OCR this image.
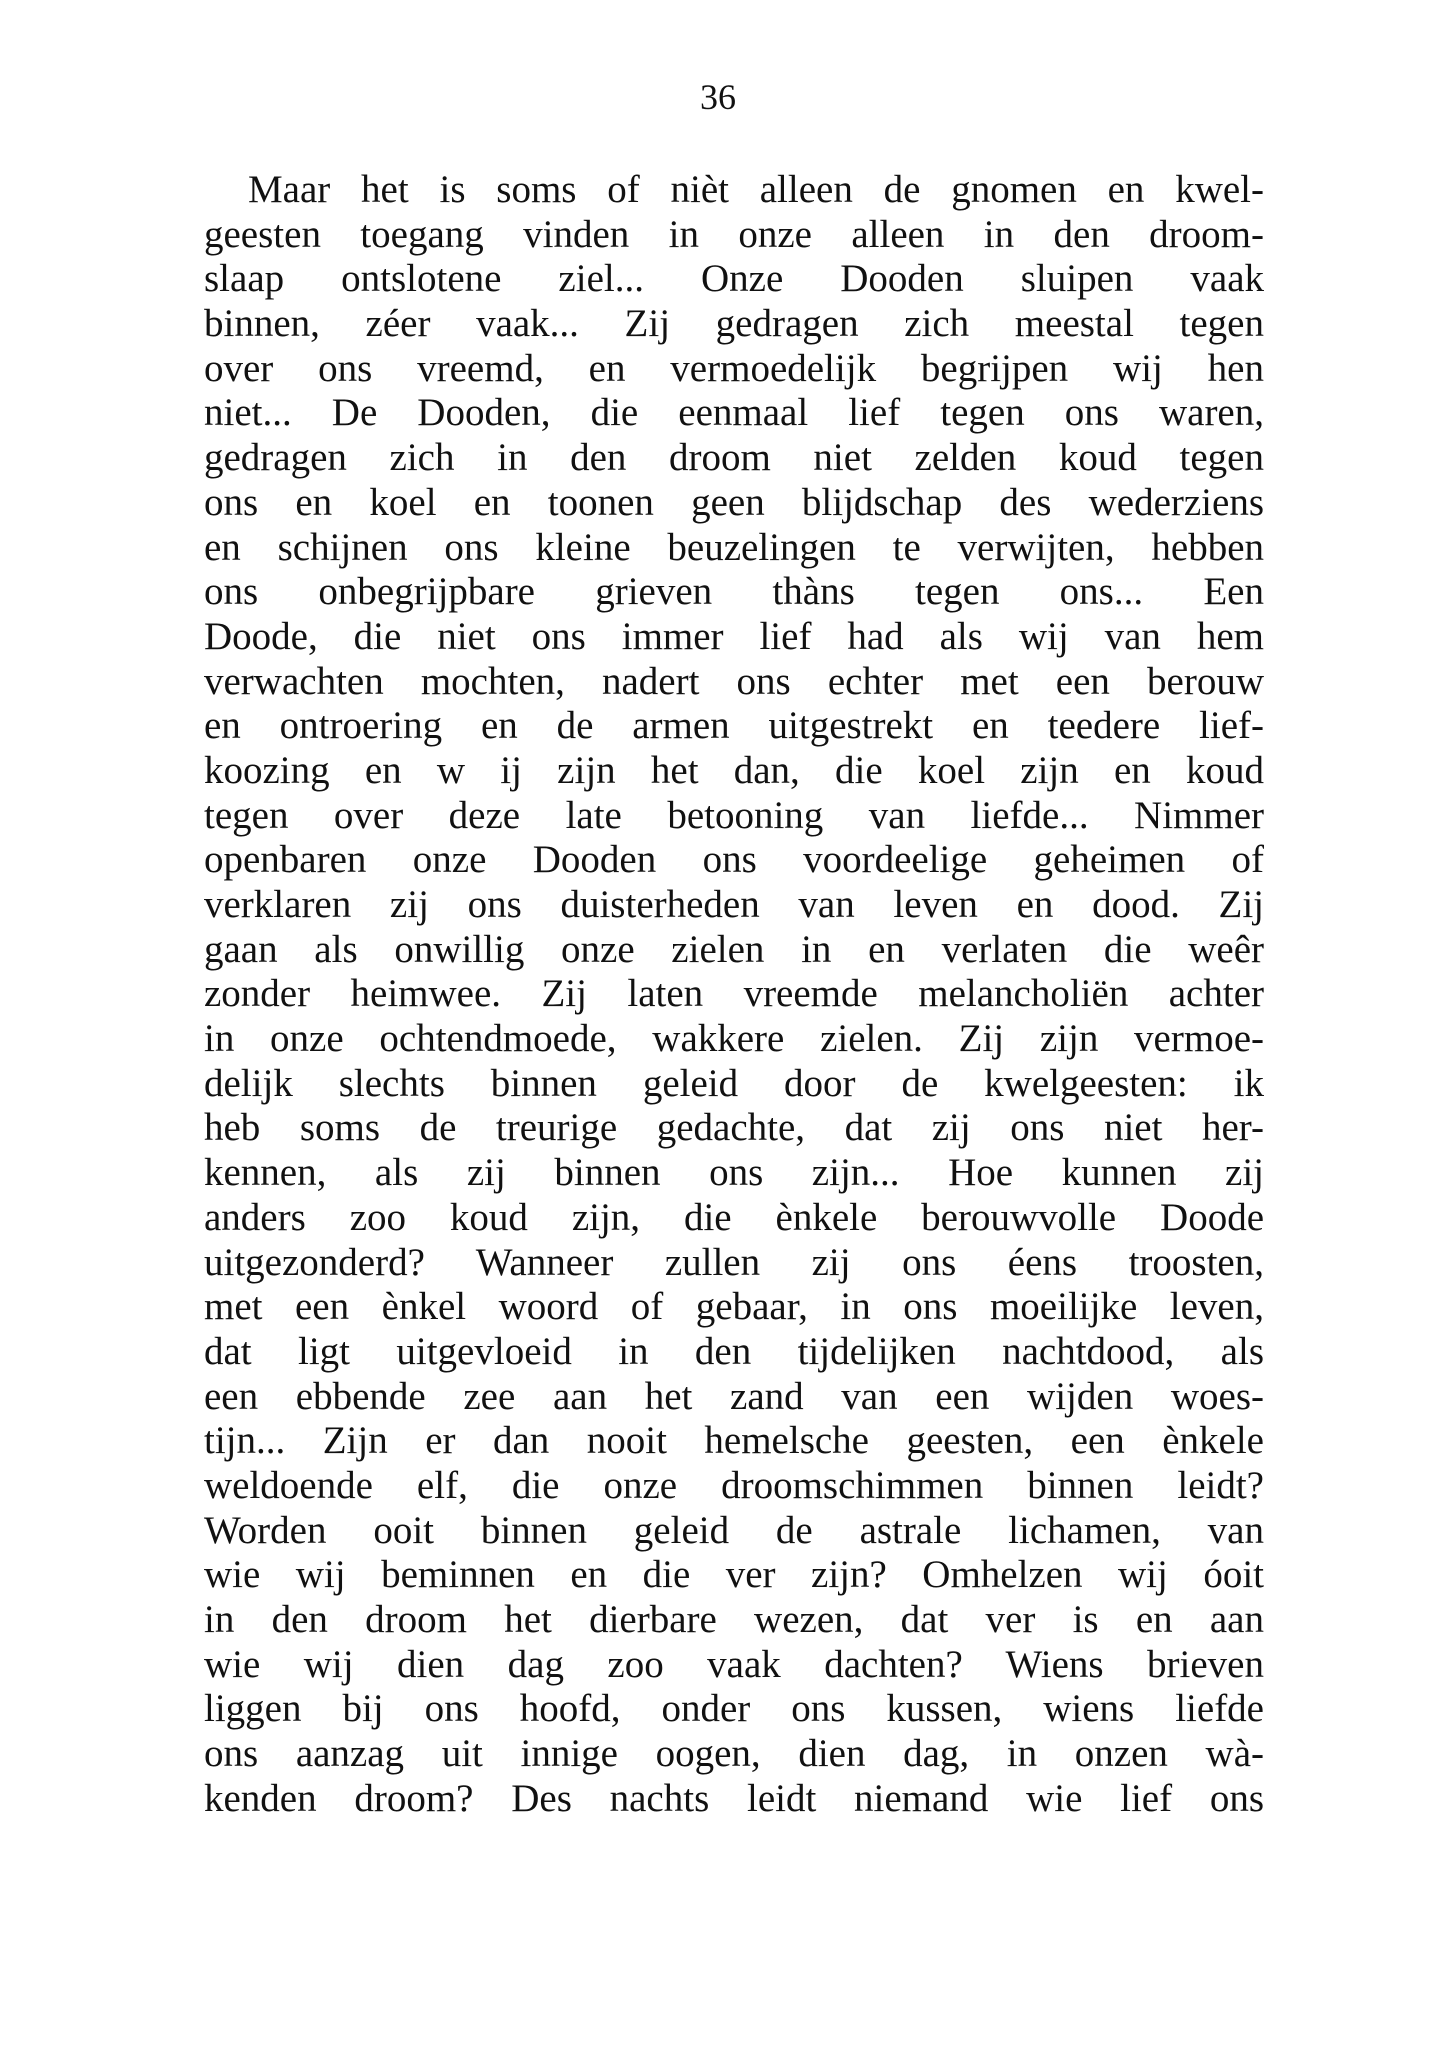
36
Maar het is soms of nièt alleen de gnomen en kwel-
geesten toegang vinden in onze alleen in den droom-
slaap ontslotene ziel... Onze Dooden sluipen vaak
binnen, zéer vaak... Zij gedragen zich meestal tegen
over ons vreemd, en vermoedelijk begrijpen wij hen
niet... De Dooden, die eenmaal lief tegen ons waren,
gedragen zich in den droom niet zelden koud tegen
ons en koel en toonen geen blijdschap des wederziens
en schijnen ons kleine beuzelingen te verwijten, hebben
ons onbegrijpbare grieven thàns tegen ons... Een
Doode, die niet ons immer lief had als wij van hem
verwachten mochten, nadert ons echter met een berouw
en ontroering en de armen uitgestrekt en teedere lief-
koozing en w ij zijn het dan, die koel zijn en koud
tegen over deze late betooning van liefde... Nimmer
openbaren onze Dooden ons voordeelige geheimen of
verklaren zij ons duisterheden van leven en dood. Zij
gaan als onwillig onze zielen in en verlaten die weêr
zonder heimwee. Zij laten vreemde melancholiën achter
in onze ochtendmoede, wakkere zielen. Zij zijn vermoe-
delijk slechts binnen geleid door de kwelgeesten: ik
heb soms de treurige gedachte, dat zij ons niet her-
kennen, als zij binnen ons zijn... Hoe kunnen zij
anders zoo koud zijn, die ènkele berouwvolle Doode
uitgezonderd? Wanneer zullen zij ons éens troosten,
met een ènkel woord of gebaar, in ons moeilijke leven,
dat ligt uitgevloeid in den tijdelijken nachtdood, als
een ebbende zee aan het zand van een wijden woes-
tijn... Zijn er dan nooit hemelsche geesten, een ènkele
weldoende elf, die onze droomschimmen binnen leidt?
Worden ooit binnen geleid de astrale lichamen, van
wie wij beminnen en die ver zijn? Omhelzen wij óoit
in den droom het dierbare wezen, dat ver is en aan
wie wij dien dag zoo vaak dachten? Wiens brieven
liggen bij ons hoofd, onder ons kussen, wiens liefde
ons aanzag uit innige oogen, dien dag, in onzen wà-
kenden droom? Des nachts leidt niemand wie lief ons
